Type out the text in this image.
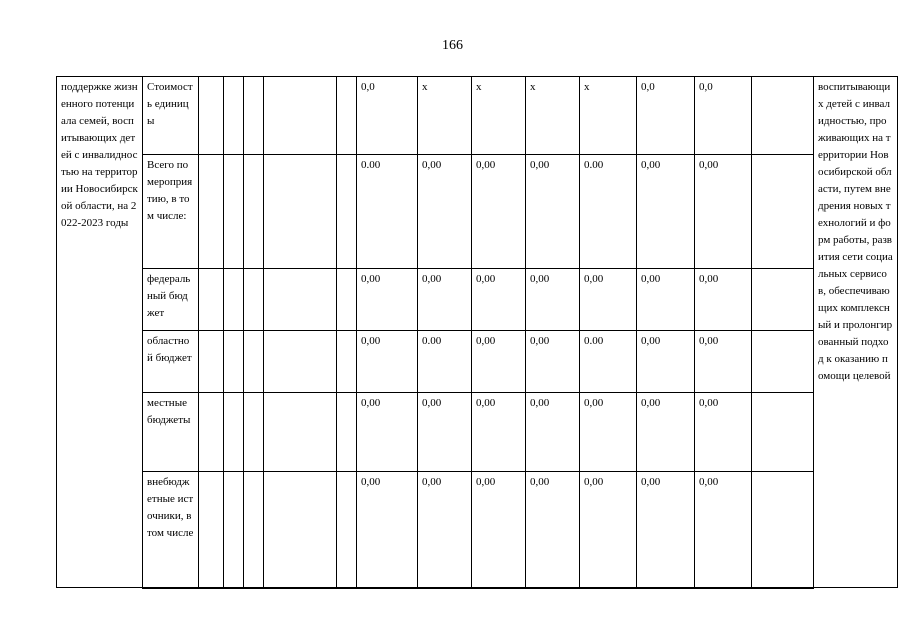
166
поддержке жизненного потенциала семей, воспитывающих детей с инвалидностью на территории Новосибирской области, на 2022-2023 годы	Стоимость единицы						0,0	x	x	x	x	0,0	0,0		воспитывающих детей с инвалидностью, проживающих на территории Новосибирской области, путем внедрения новых технологий и форм работы, развития сети социальных сервисов, обеспечивающих комплексный и пролонгированный подход к оказанию помощи целевой
	Всего по мероприятию, в том числе:						0.00	0,00	0,00	0,00	0.00	0,00	0,00		
	федеральный бюджет						0,00	0,00	0,00	0,00	0,00	0,00	0,00		
	областной бюджет						0,00	0.00	0,00	0,00	0.00	0,00	0,00		
	местные бюджеты						0,00	0,00	0,00	0,00	0,00	0,00	0,00		
	внебюджетные источники, в том числе						0,00	0,00	0,00	0,00	0,00	0,00	0,00		
